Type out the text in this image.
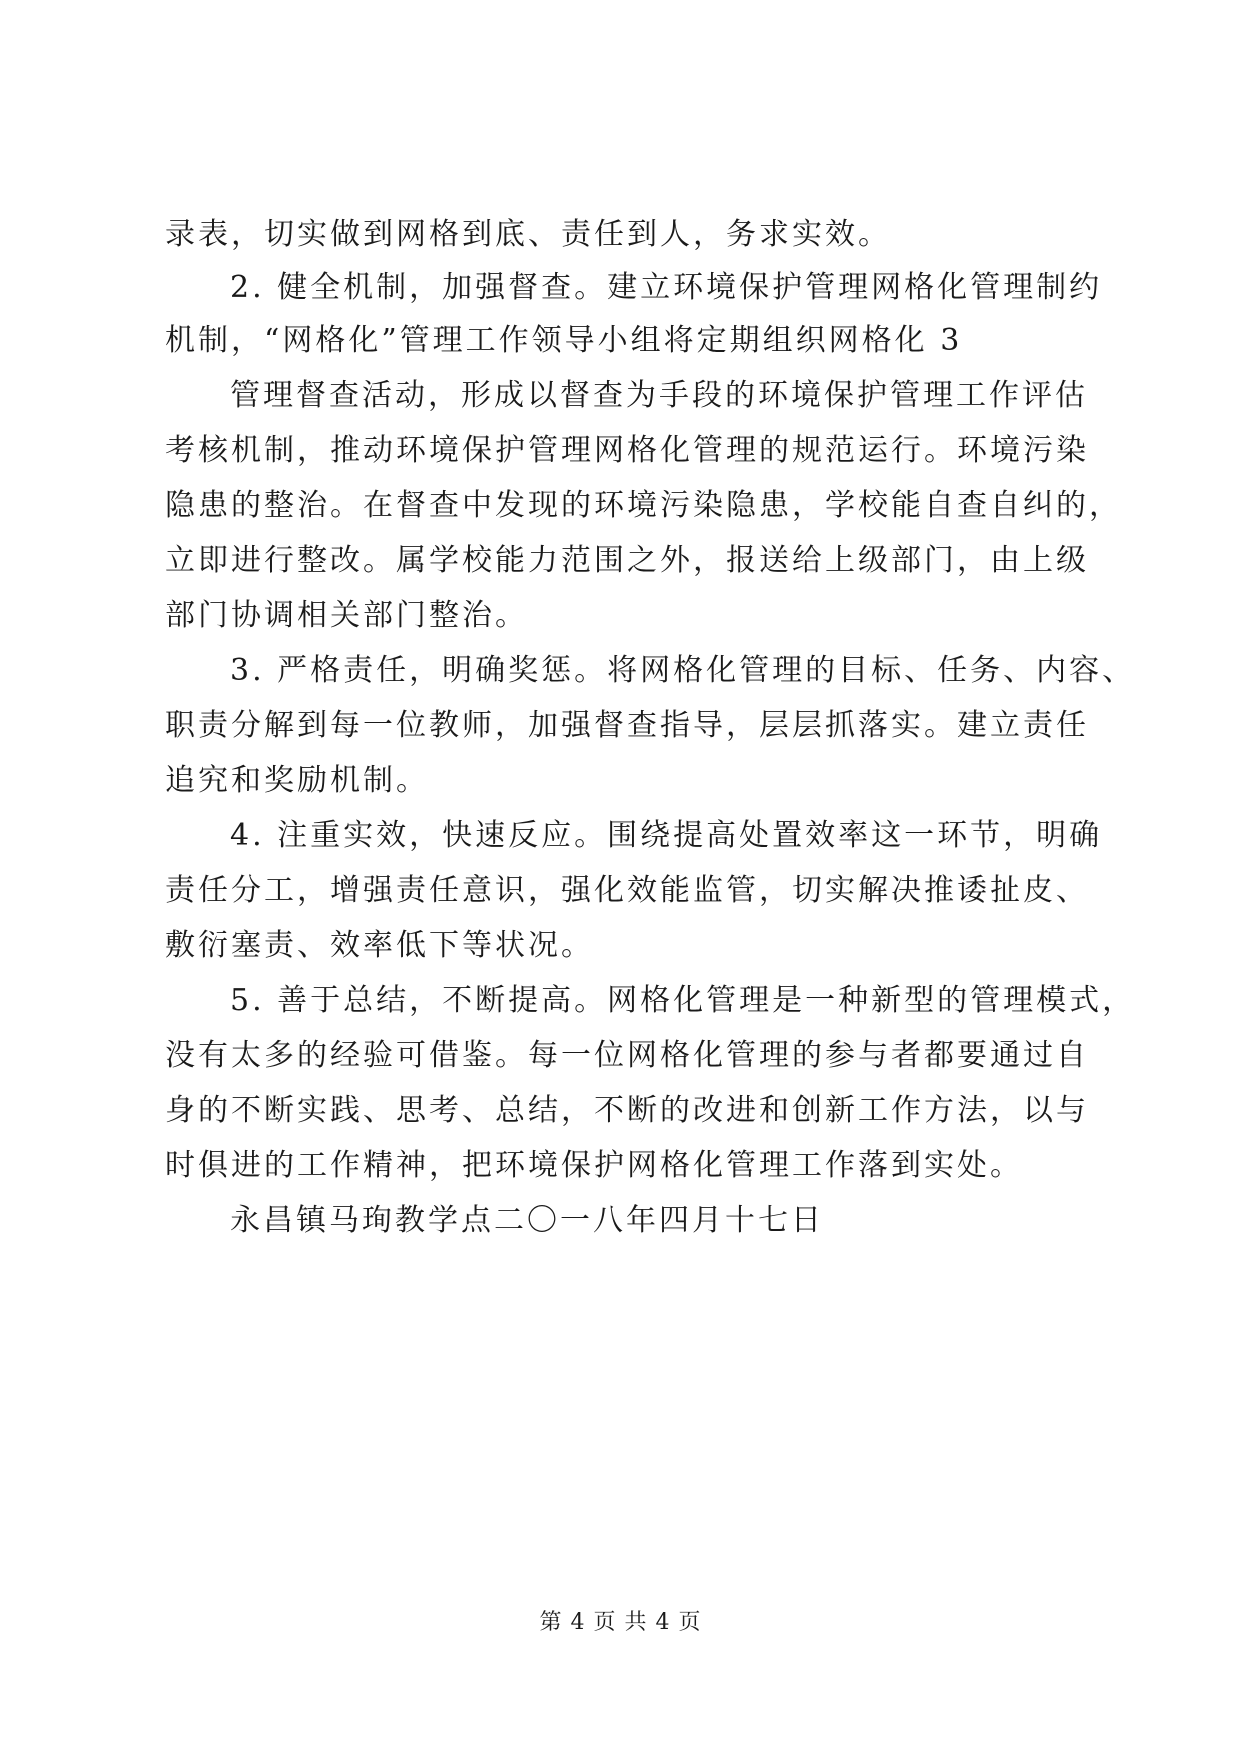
录表，切实做到网格到底、责任到人，务求实效。
2. 健全机制，加强督查。建立环境保护管理网格化管理制约
机制，“网格化”管理工作领导小组将定期组织网格化 3
管理督查活动，形成以督查为手段的环境保护管理工作评估
考核机制，推动环境保护管理网格化管理的规范运行。环境污染
隐患的整治。在督查中发现的环境污染隐患，学校能自查自纠的，
立即进行整改。属学校能力范围之外，报送给上级部门，由上级
部门协调相关部门整治。
3. 严格责任，明确奖惩。将网格化管理的目标、任务、内容、
职责分解到每一位教师，加强督查指导，层层抓落实。建立责任
追究和奖励机制。
4. 注重实效，快速反应。围绕提高处置效率这一环节，明确
责任分工，增强责任意识，强化效能监管，切实解决推诿扯皮、
敷衍塞责、效率低下等状况。
5. 善于总结，不断提高。网格化管理是一种新型的管理模式，
没有太多的经验可借鉴。每一位网格化管理的参与者都要通过自
身的不断实践、思考、总结，不断的改进和创新工作方法，以与
时俱进的工作精神，把环境保护网格化管理工作落到实处。
永昌镇马珣教学点二〇一八年四月十七日
第 4 页 共 4 页
